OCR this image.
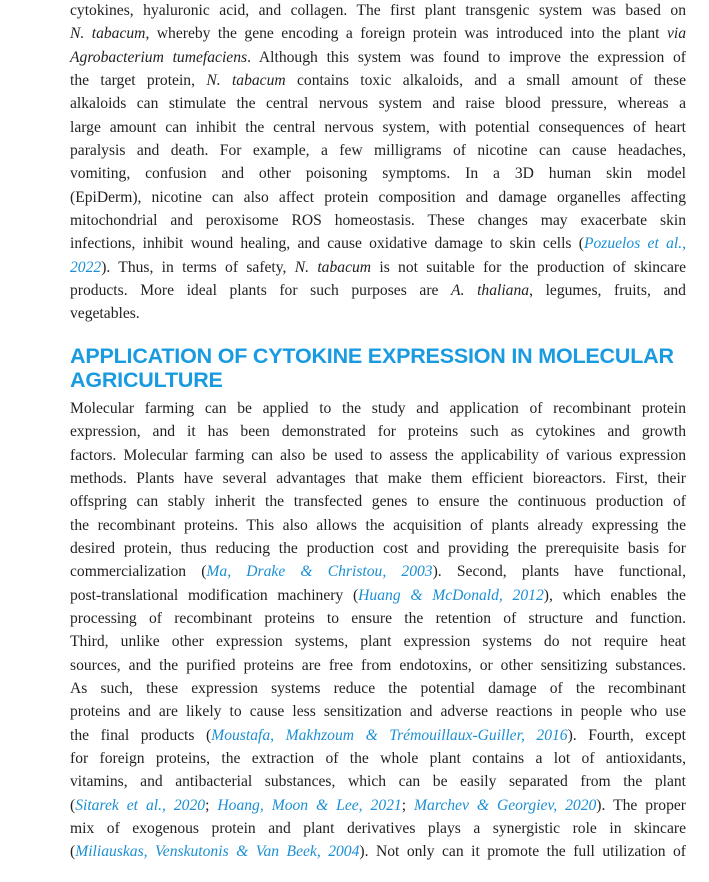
cytokines, hyaluronic acid, and collagen. The first plant transgenic system was based on
N. tabacum, whereby the gene encoding a foreign protein was introduced into the plant via
Agrobacterium tumefaciens. Although this system was found to improve the expression of
the target protein, N. tabacum contains toxic alkaloids, and a small amount of these
alkaloids can stimulate the central nervous system and raise blood pressure, whereas a
large amount can inhibit the central nervous system, with potential consequences of heart
paralysis and death. For example, a few milligrams of nicotine can cause headaches,
vomiting, confusion and other poisoning symptoms. In a 3D human skin model
(EpiDerm), nicotine can also affect protein composition and damage organelles affecting
mitochondrial and peroxisome ROS homeostasis. These changes may exacerbate skin
infections, inhibit wound healing, and cause oxidative damage to skin cells (Pozuelos et al.,
2022). Thus, in terms of safety, N. tabacum is not suitable for the production of skincare
products. More ideal plants for such purposes are A. thaliana, legumes, fruits, and
vegetables.

APPLICATION OF CYTOKINE EXPRESSION IN MOLECULAR
AGRICULTURE

Molecular farming can be applied to the study and application of recombinant protein
expression, and it has been demonstrated for proteins such as cytokines and growth
factors. Molecular farming can also be used to assess the applicability of various expression
methods. Plants have several advantages that make them efficient bioreactors. First, their
offspring can stably inherit the transfected genes to ensure the continuous production of
the recombinant proteins. This also allows the acquisition of plants already expressing the
desired protein, thus reducing the production cost and providing the prerequisite basis for
commercialization (Ma, Drake & Christou, 2003). Second, plants have functional,
post-translational modification machinery (Huang & McDonald, 2012), which enables the
processing of recombinant proteins to ensure the retention of structure and function.
Third, unlike other expression systems, plant expression systems do not require heat
sources, and the purified proteins are free from endotoxins, or other sensitizing substances.
As such, these expression systems reduce the potential damage of the recombinant
proteins and are likely to cause less sensitization and adverse reactions in people who use
the final products (Moustafa, Makhzoum & Trémouillaux-Guiller, 2016). Fourth, except
for foreign proteins, the extraction of the whole plant contains a lot of antioxidants,
vitamins, and antibacterial substances, which can be easily separated from the plant
(Sitarek et al., 2020; Hoang, Moon & Lee, 2021; Marchev & Georgiev, 2020). The proper
mix of exogenous protein and plant derivatives plays a synergistic role in skincare
(Miliauskas, Venskutonis & Van Beek, 2004). Not only can it promote the full utilization of
